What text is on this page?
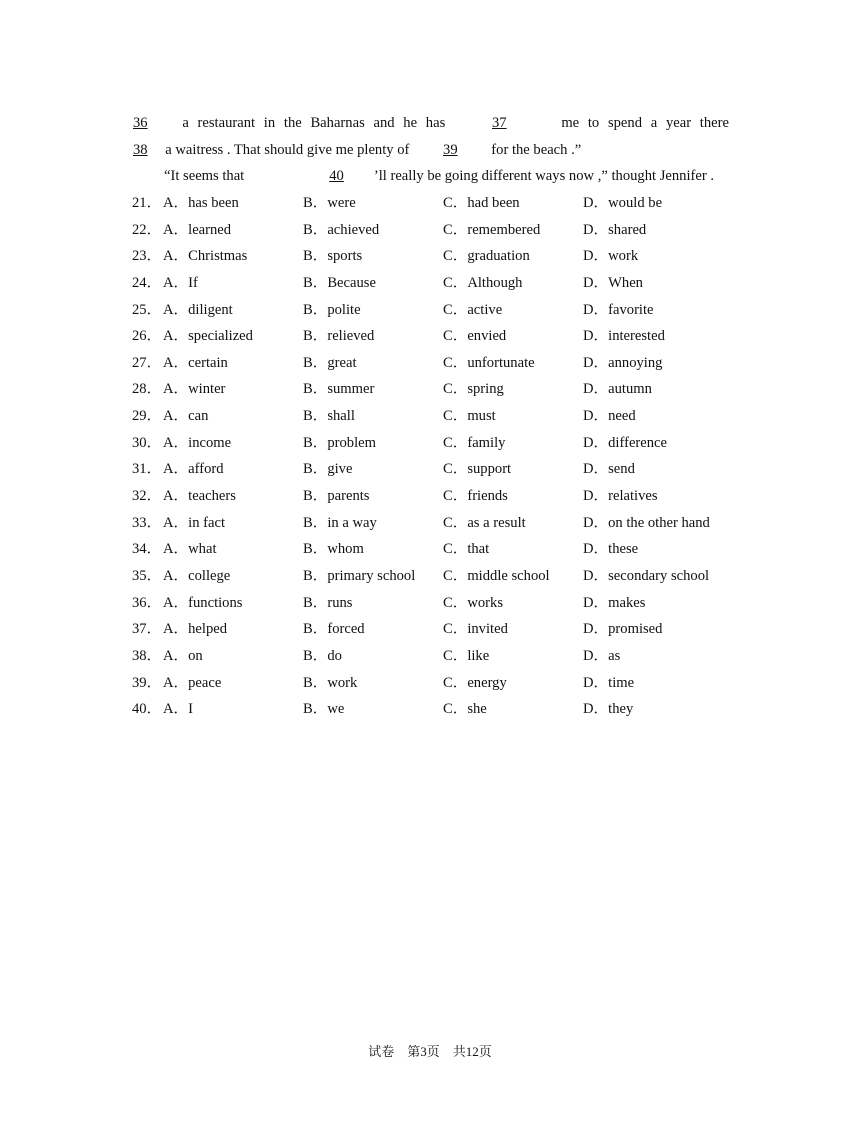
36 a restaurant in the Baharnas and he has	37	me to spend a year there
38 a waitress . That should give me plenty of 39 for the beach .”
“It seems that	40 ’ll really be going different ways now ,” thought Jennifer .
21． A．has been	B．were	C．had been	D．would be
22． A．learned	B．achieved	C．remembered	D．shared
23． A．Christmas	B．sports	C．graduation	D．work
24． A．If	B．Because	C．Although	D．When
25． A．diligent	B．polite	C．active	D．favorite
26． A．specialized	B．relieved	C．envied	D．interested
27． A．certain	B．great	C．unfortunate	D．annoying
28． A．winter	B．summer	C．spring	D．autumn
29． A．can	B．shall	C．must	D．need
30． A．income	B．problem	C．family	D．difference
31． A．afford	B．give	C．support	D．send
32． A．teachers	B．parents	C．friends	D．relatives
33． A．in fact	B．in a way	C．as a result	D．on the other hand
34． A．what	B．whom	C．that	D．these
35． A．college	B．primary school C．middle school D．secondary school
36． A．functions	B．runs	C．works	D．makes
37． A．helped	B．forced	C．invited	D．promised
38． A．on	B．do	C．like	D．as
39． A．peace	B．work	C．energy	D．time
40． A．I	B．we	C．she	D．they
试卷　第3页　共12页
